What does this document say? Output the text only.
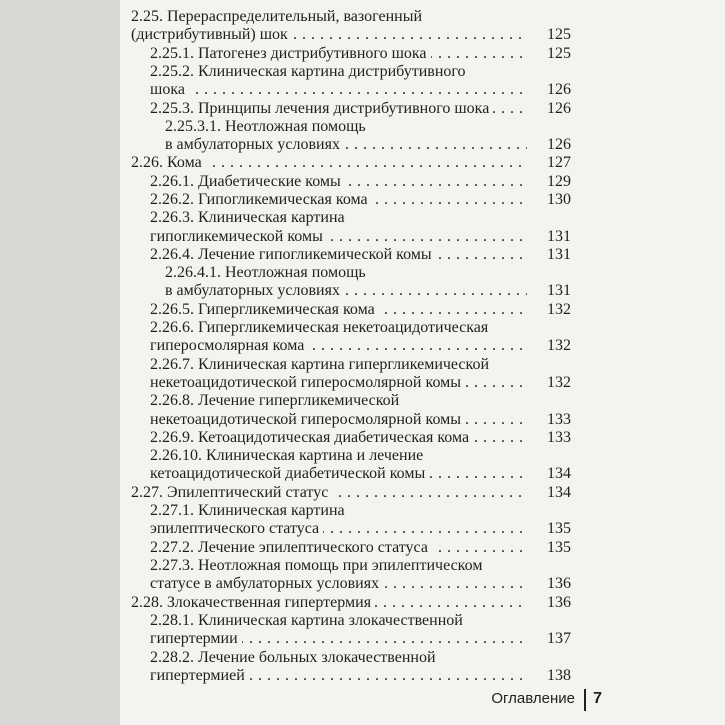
2.25. Перераспределительный, вазогенный
. . . (дистрибутивный) шок	125
. . . 2.25.1. Патогенез дистрибутивного шока	125
2.25.2. Клиническая картина дистрибутивного
. . . шока	126
. . . 2.25.3. Принципы лечения дистрибутивного шока	126
2.25.3.1. Неотложная помощь
. . . в амбулаторных условиях	126
. . . 2.26. Кома	127
. . . 2.26.1. Диабетические комы	129
. . . 2.26.2. Гипогликемическая кома	130
2.26.3. Клиническая картина
. . . гипогликемической комы	131
. . . 2.26.4. Лечение гипогликемической комы	131
2.26.4.1. Неотложная помощь
. . . в амбулаторных условиях	131
. . . 2.26.5. Гипергликемическая кома	132
2.26.6. Гипергликемическая некетоацидотическая
. . . гиперосмолярная кома	132
2.26.7. Клиническая картина гипергликемической
. . . некетоацидотической гиперосмолярной комы	132
2.26.8. Лечение гипергликемической
. . . некетоацидотической гиперосмолярной комы	133
. . . 2.26.9. Кетоацидотическая диабетическая кома	133
2.26.10. Клиническая картина и лечение
. . . кетоацидотической диабетической комы	134
. . . 2.27. Эпилептический статус	134
2.27.1. Клиническая картина
. . . эпилептического статуса	135
. . . 2.27.2. Лечение эпилептического статуса	135
2.27.3. Неотложная помощь при эпилептическом
. . . статусе в амбулаторных условиях	136
. . . 2.28. Злокачественная гипертермия	136
2.28.1. Клиническая картина злокачественной
. . . гипертермии	137
2.28.2. Лечение больных злокачественной
. . . гипертермией	138
Оглавление 7
